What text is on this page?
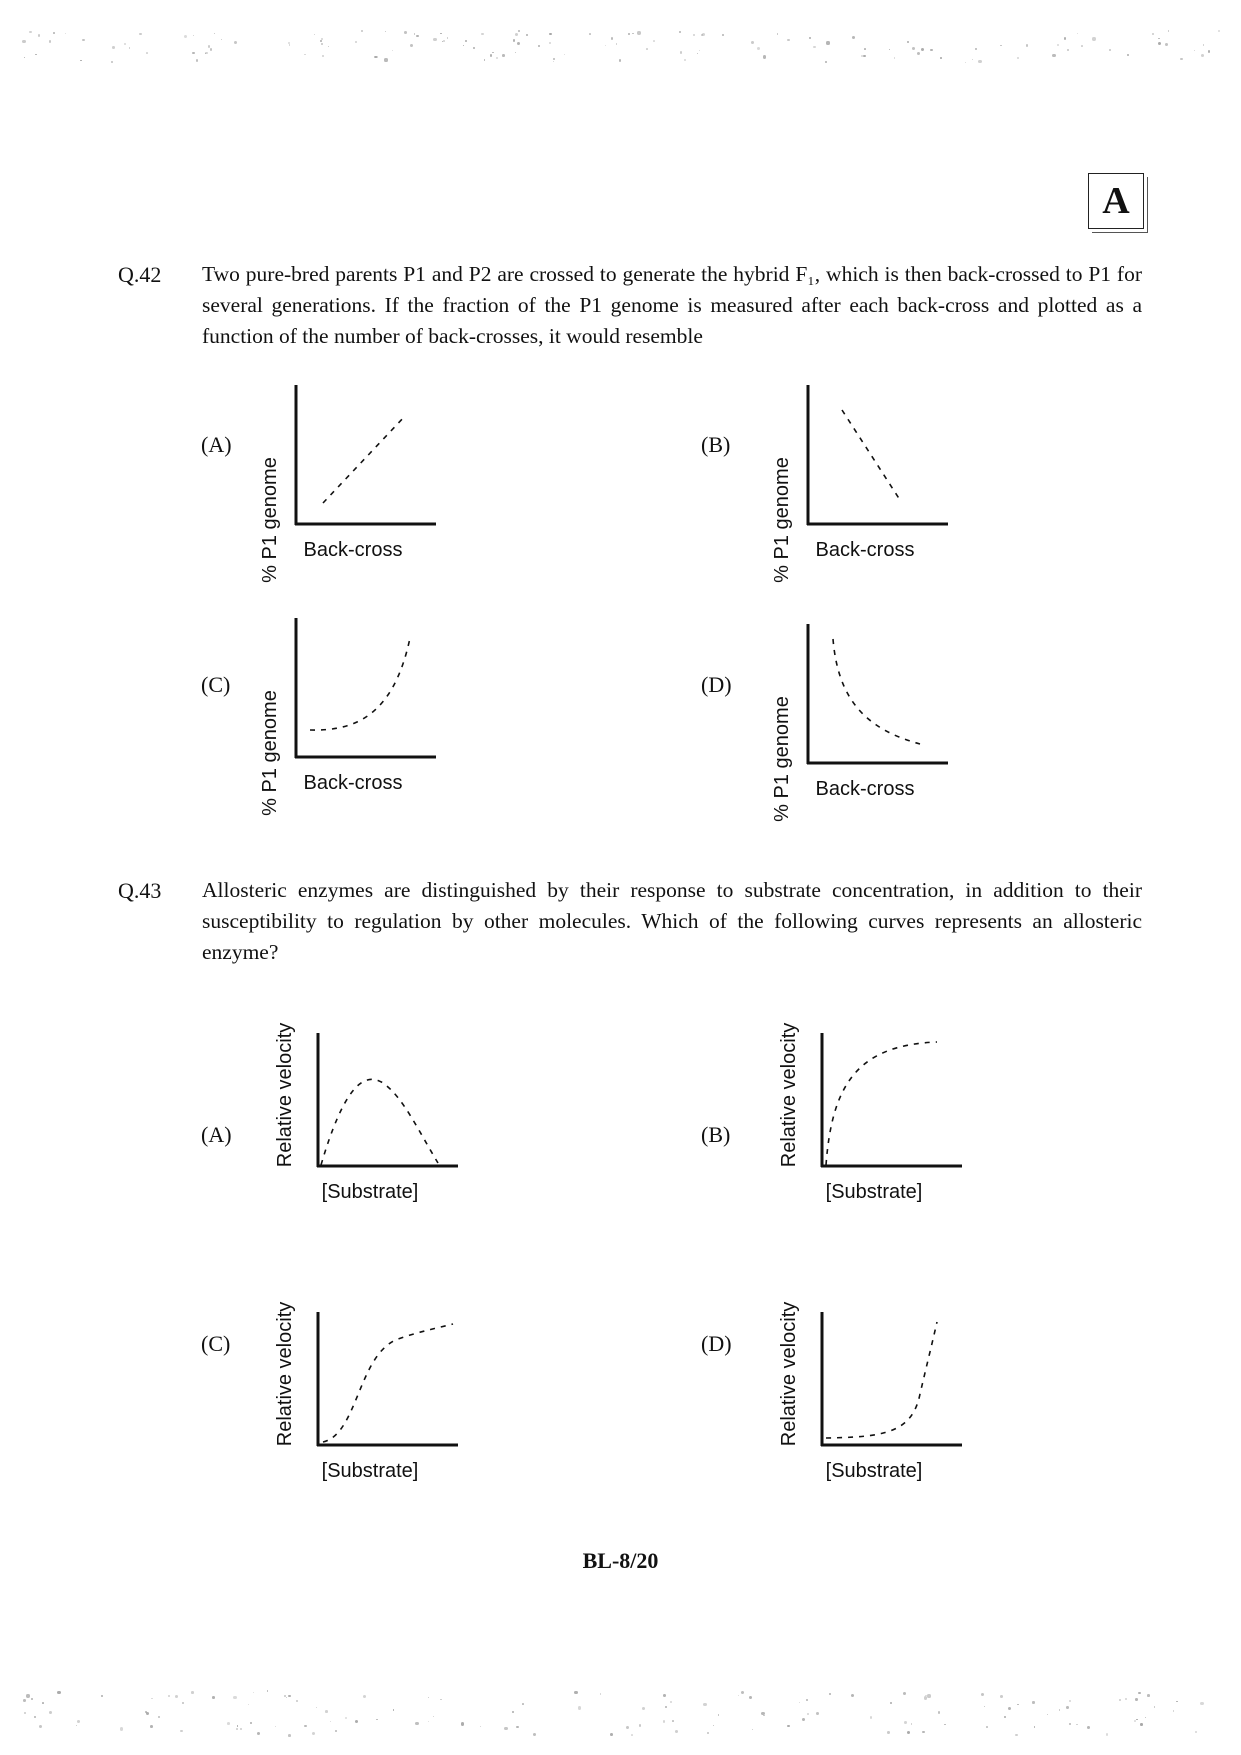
A
Q.42 Two pure-bred parents P1 and P2 are crossed to generate the hybrid F₁, which is then back-crossed to P1 for several generations. If the fraction of the P1 genome is measured after each back-cross and plotted as a function of the number of back-crosses, it would resemble
(A)
% P1 genome Back-cross
(B)
% P1 genome Back-cross
(C)
% P1 genome Back-cross
(D)
% P1 genome Back-cross
Q.43 Allosteric enzymes are distinguished by their response to substrate concentration, in addition to their susceptibility to regulation by other molecules. Which of the following curves represents an allosteric enzyme?
(A) Relative velocity
[Substrate]
(B) Relative velocity
[Substrate]
(C) Relative velocity
[Substrate]
(D) Relative velocity
[Substrate]
BL-8/20
